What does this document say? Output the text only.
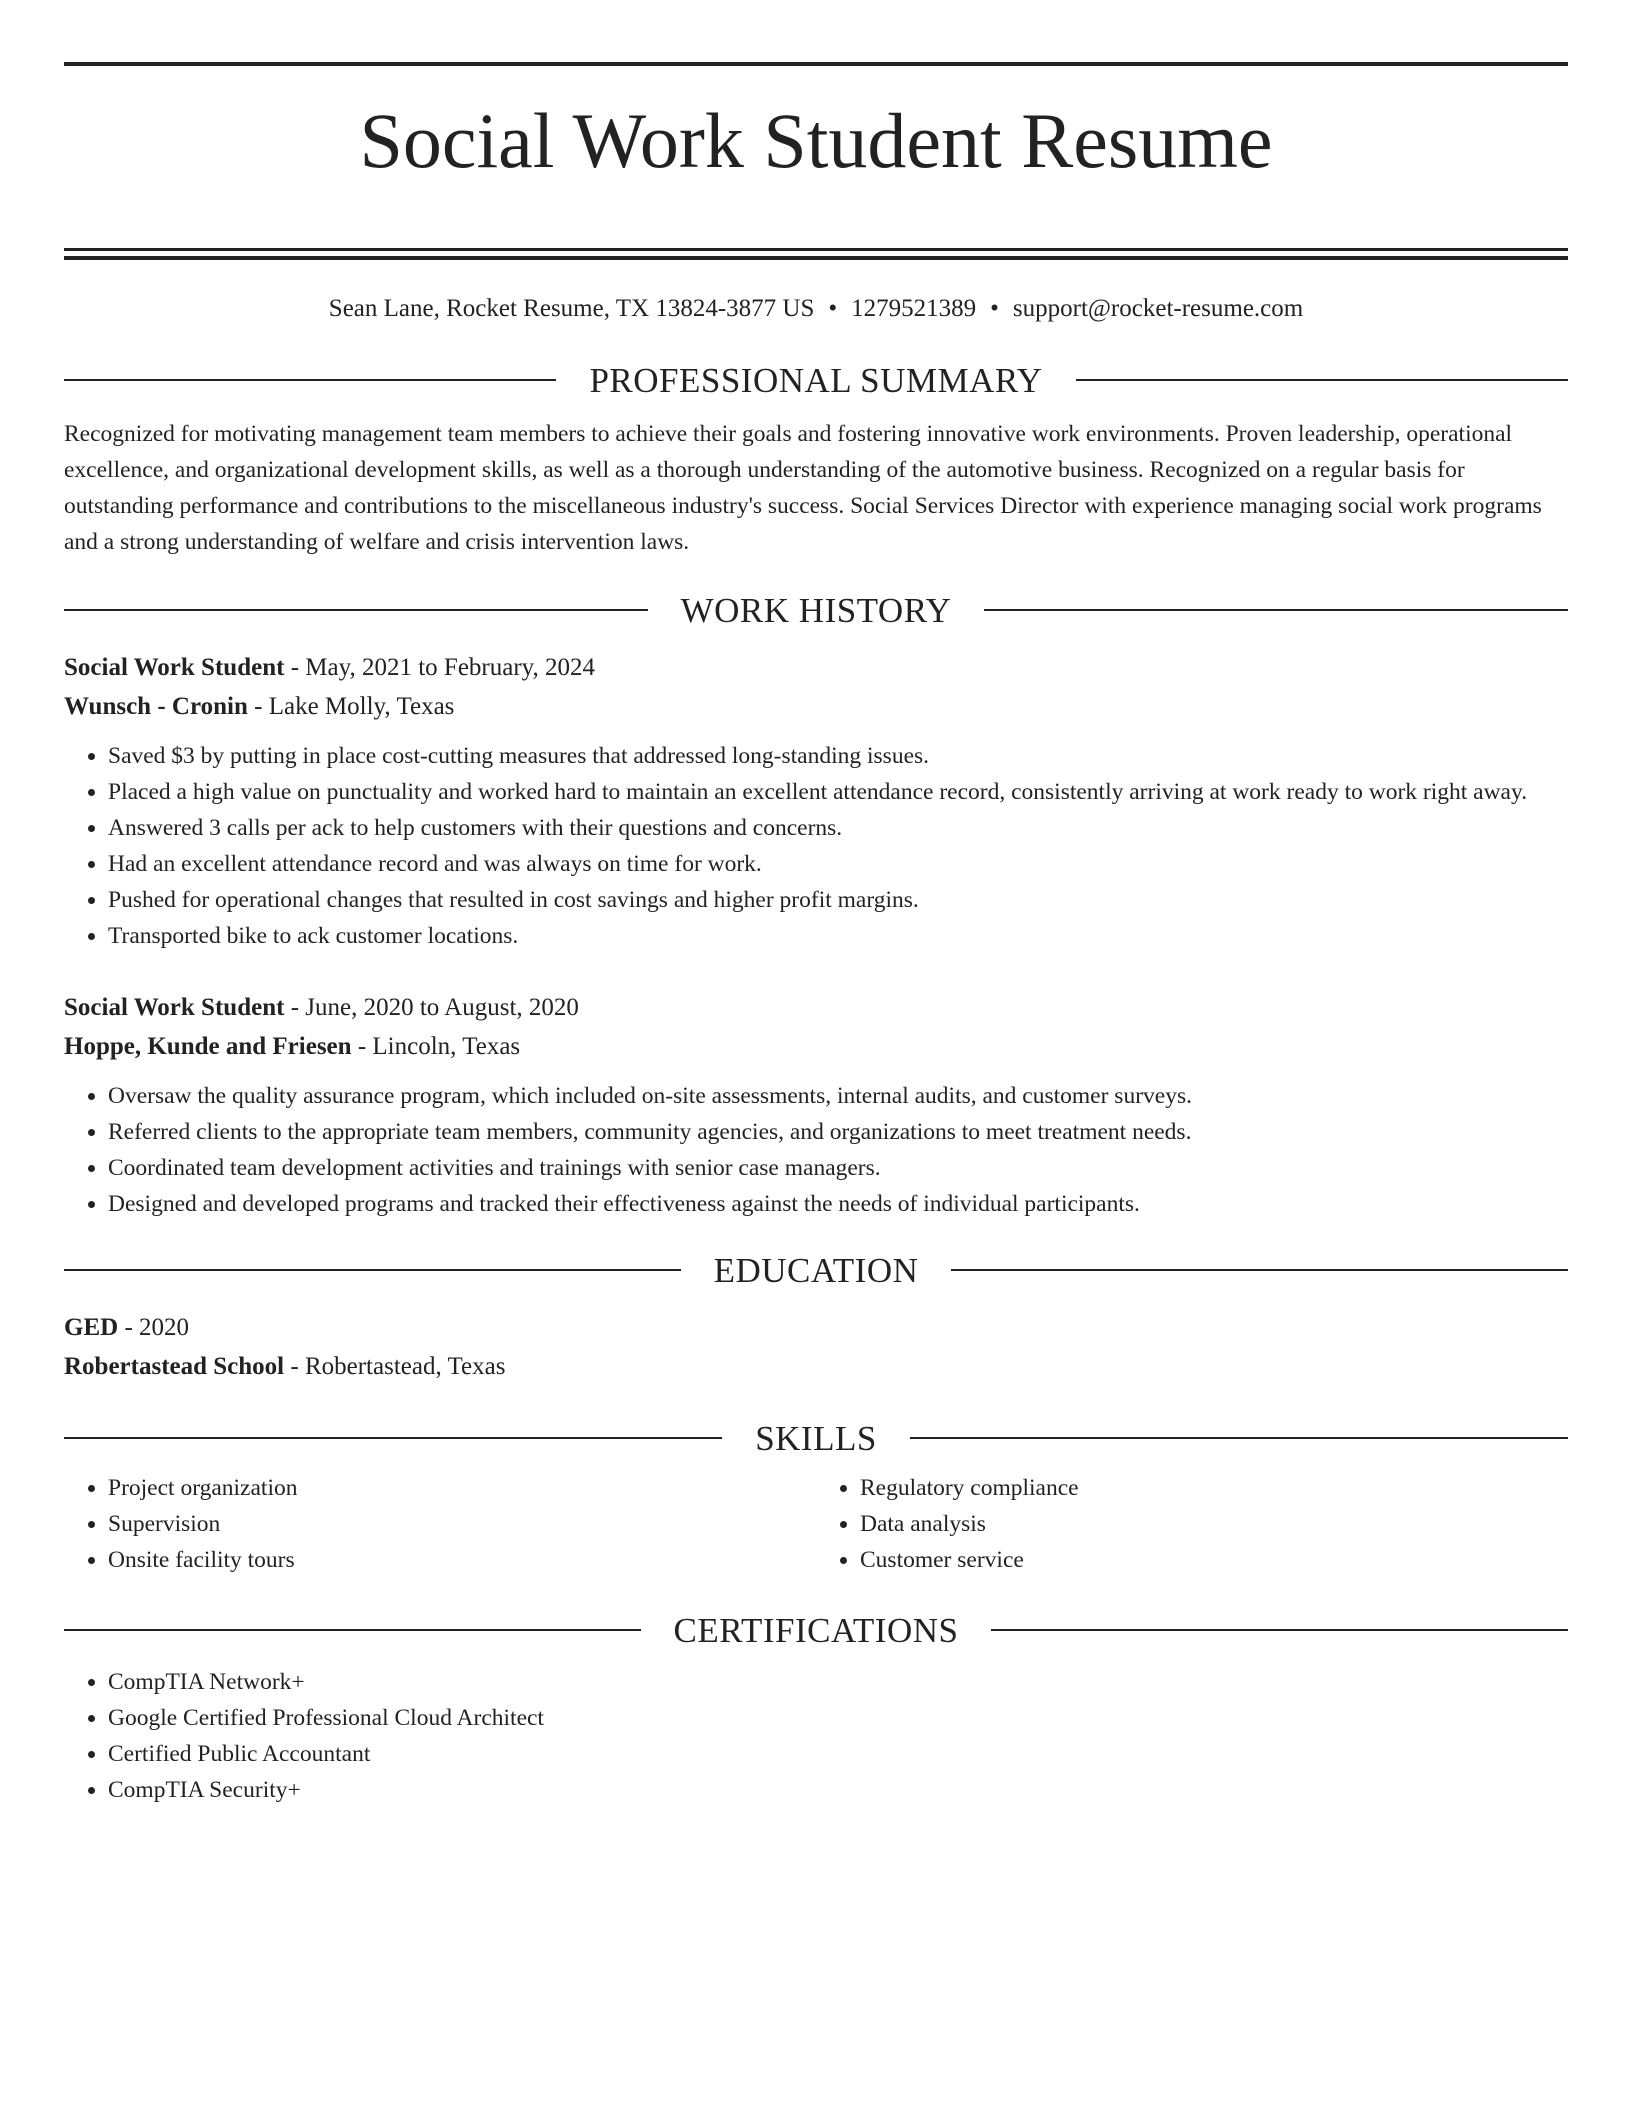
Social Work Student Resume
Sean Lane, Rocket Resume, TX 13824-3877 US • 1279521389 • support@rocket-resume.com
PROFESSIONAL SUMMARY

Recognized for motivating management team members to achieve their goals and fostering innovative work environments. Proven leadership, operational excellence, and organizational development skills, as well as a thorough understanding of the automotive business. Recognized on a regular basis for outstanding performance and contributions to the miscellaneous industry's success. Social Services Director with experience managing social work programs and a strong understanding of welfare and crisis intervention laws.

WORK HISTORY
Social Work Student - May, 2021 to February, 2024
Wunsch - Cronin - Lake Molly, Texas
• Saved $3 by putting in place cost-cutting measures that addressed long-standing issues.
• Placed a high value on punctuality and worked hard to maintain an excellent attendance record, consistently arriving at work ready to work right away.
• Answered 3 calls per ack to help customers with their questions and concerns.
• Had an excellent attendance record and was always on time for work.
• Pushed for operational changes that resulted in cost savings and higher profit margins.
• Transported bike to ack customer locations.
Social Work Student - June, 2020 to August, 2020
Hoppe, Kunde and Friesen - Lincoln, Texas
• Oversaw the quality assurance program, which included on-site assessments, internal audits, and customer surveys.
• Referred clients to the appropriate team members, community agencies, and organizations to meet treatment needs.
• Coordinated team development activities and trainings with senior case managers.
• Designed and developed programs and tracked their effectiveness against the needs of individual participants.
EDUCATION
GED - 2020
Robertastead School - Robertastead, Texas
SKILLS
• Project organization
• Supervision
• Onsite facility tours
• Regulatory compliance
• Data analysis
• Customer service
CERTIFICATIONS
• CompTIA Network+
• Google Certified Professional Cloud Architect
• Certified Public Accountant
• CompTIA Security+
